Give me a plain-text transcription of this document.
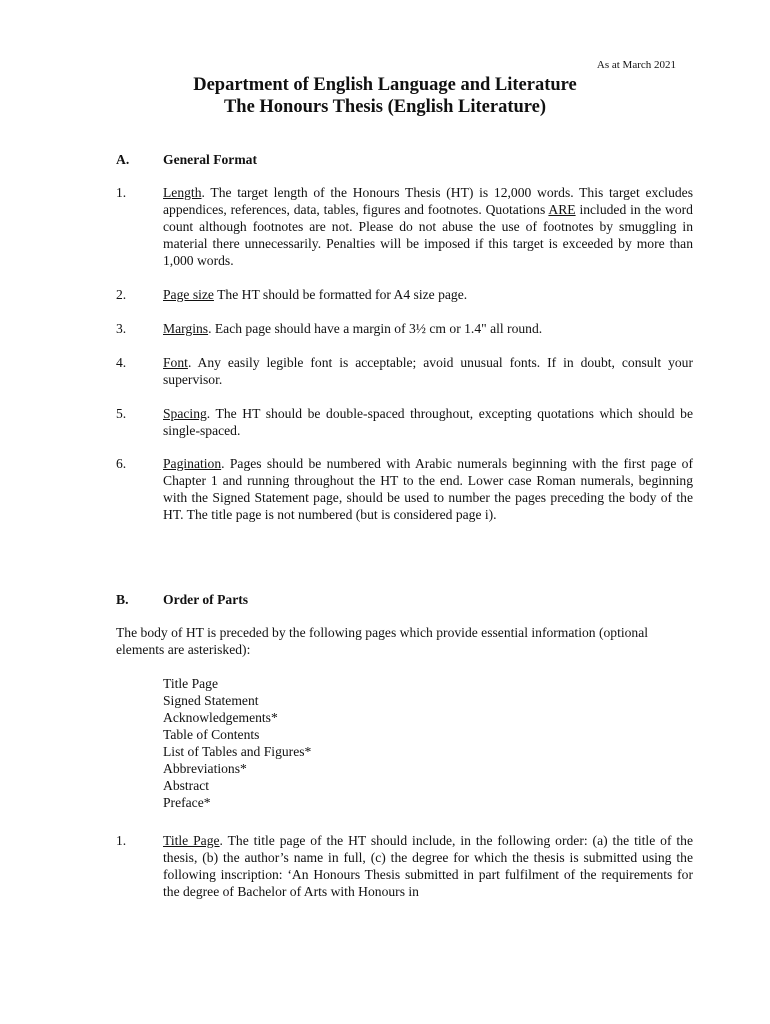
As at March 2021
Department of English Language and Literature
The Honours Thesis (English Literature)
A. General Format
1.	Length. The target length of the Honours Thesis (HT) is 12,000 words. This target excludes appendices, references, data, tables, figures and footnotes. Quotations ARE included in the word count although footnotes are not. Please do not abuse the use of footnotes by smuggling in material there unnecessarily. Penalties will be imposed if this target is exceeded by more than 1,000 words.
2.	Page size The HT should be formatted for A4 size page.
3.	Margins. Each page should have a margin of 3½ cm or 1.4" all round.
4.	Font. Any easily legible font is acceptable; avoid unusual fonts. If in doubt, consult your supervisor.
5.	Spacing. The HT should be double-spaced throughout, excepting quotations which should be single-spaced.
6.	Pagination. Pages should be numbered with Arabic numerals beginning with the first page of Chapter 1 and running throughout the HT to the end. Lower case Roman numerals, beginning with the Signed Statement page, should be used to number the pages preceding the body of the HT. The title page is not numbered (but is considered page i).
B.	Order of Parts
The body of HT is preceded by the following pages which provide essential information (optional elements are asterisked):
Title Page
Signed Statement
Acknowledgements*
Table of Contents
List of Tables and Figures*
Abbreviations*
Abstract
Preface*
1.	Title Page. The title page of the HT should include, in the following order: (a) the title of the thesis, (b) the author’s name in full, (c) the degree for which the thesis is submitted using the following inscription: ‘An Honours Thesis submitted in part fulfilment of the requirements for the degree of Bachelor of Arts with Honours in
